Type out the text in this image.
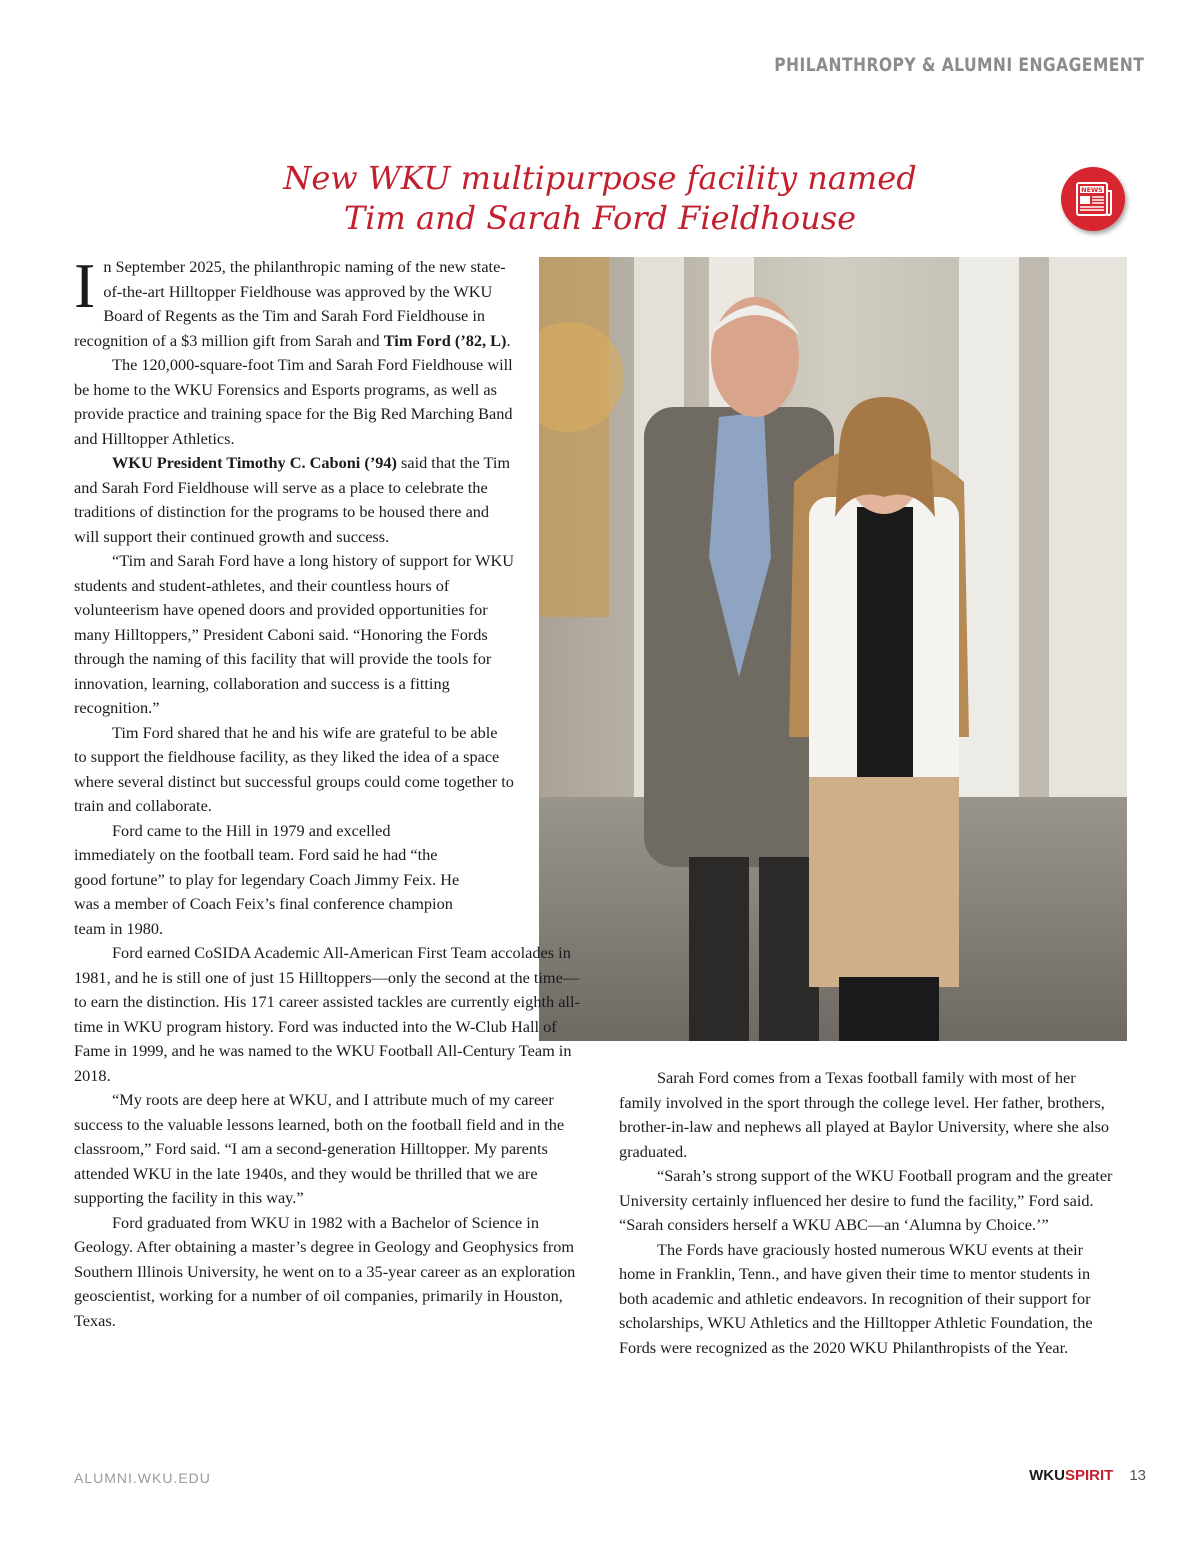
PHILANTHROPY & ALUMNI ENGAGEMENT
New WKU multipurpose facility named
Tim and Sarah Ford Fieldhouse
NEWS

In September 2025, the philanthropic naming of the new state-of-the-art Hilltopper Fieldhouse was approved by the WKU Board of Regents as the Tim and Sarah Ford Fieldhouse in recognition of a $3 million gift from Sarah and Tim Ford (’82, L).

The 120,000-square-foot Tim and Sarah Ford Fieldhouse will be home to the WKU Forensics and Esports programs, as well as provide practice and training space for the Big Red Marching Band and Hilltopper Athletics.

WKU President Timothy C. Caboni (’94) said that the Tim and Sarah Ford Fieldhouse will serve as a place to celebrate the traditions of distinction for the programs to be housed there and will support their continued growth and success.

“Tim and Sarah Ford have a long history of support for WKU students and student-athletes, and their countless hours of volunteerism have opened doors and provided opportunities for many Hilltoppers,” President Caboni said. “Honoring the Fords through the naming of this facility that will provide the tools for innovation, learning, collaboration and success is a fitting recognition.”

Tim Ford shared that he and his wife are grateful to be able to support the fieldhouse facility, as they liked the idea of a space where several distinct but successful groups could come together to train and collaborate.

Ford came to the Hill in 1979 and excelled immediately on the football team. Ford said he had “the good fortune” to play for legendary Coach Jimmy Feix. He was a member of Coach Feix’s final conference champion team in 1980.

Ford earned CoSIDA Academic All-American First Team accolades in 1981, and he is still one of just 15 Hilltoppers—only the second at the time—to earn the distinction. His 171 career assisted tackles are currently eighth all-time in WKU program history. Ford was inducted into the W-Club Hall of Fame in 1999, and he was named to the WKU Football All-Century Team in 2018.

“My roots are deep here at WKU, and I attribute much of my career success to the valuable lessons learned, both on the football field and in the classroom,” Ford said. “I am a second-generation Hilltopper. My parents attended WKU in the late 1940s, and they would be thrilled that we are supporting the facility in this way.”

Ford graduated from WKU in 1982 with a Bachelor of Science in Geology. After obtaining a master’s degree in Geology and Geophysics from Southern Illinois University, he went on to a 35-year career as an exploration geoscientist, working for a number of oil companies, primarily in Houston, Texas.

Sarah Ford comes from a Texas football family with most of her family involved in the sport through the college level. Her father, brothers, brother-in-law and nephews all played at Baylor University, where she also graduated.

“Sarah’s strong support of the WKU Football program and the greater University certainly influenced her desire to fund the facility,” Ford said. “Sarah considers herself a WKU ABC—an ‘Alumna by Choice.’”

The Fords have graciously hosted numerous WKU events at their home in Franklin, Tenn., and have given their time to mentor students in both academic and athletic endeavors. In recognition of their support for scholarships, WKU Athletics and the Hilltopper Athletic Foundation, the Fords were recognized as the 2020 WKU Philanthropists of the Year.

ALUMNI.WKU.EDU	WKUSPIRIT 13
